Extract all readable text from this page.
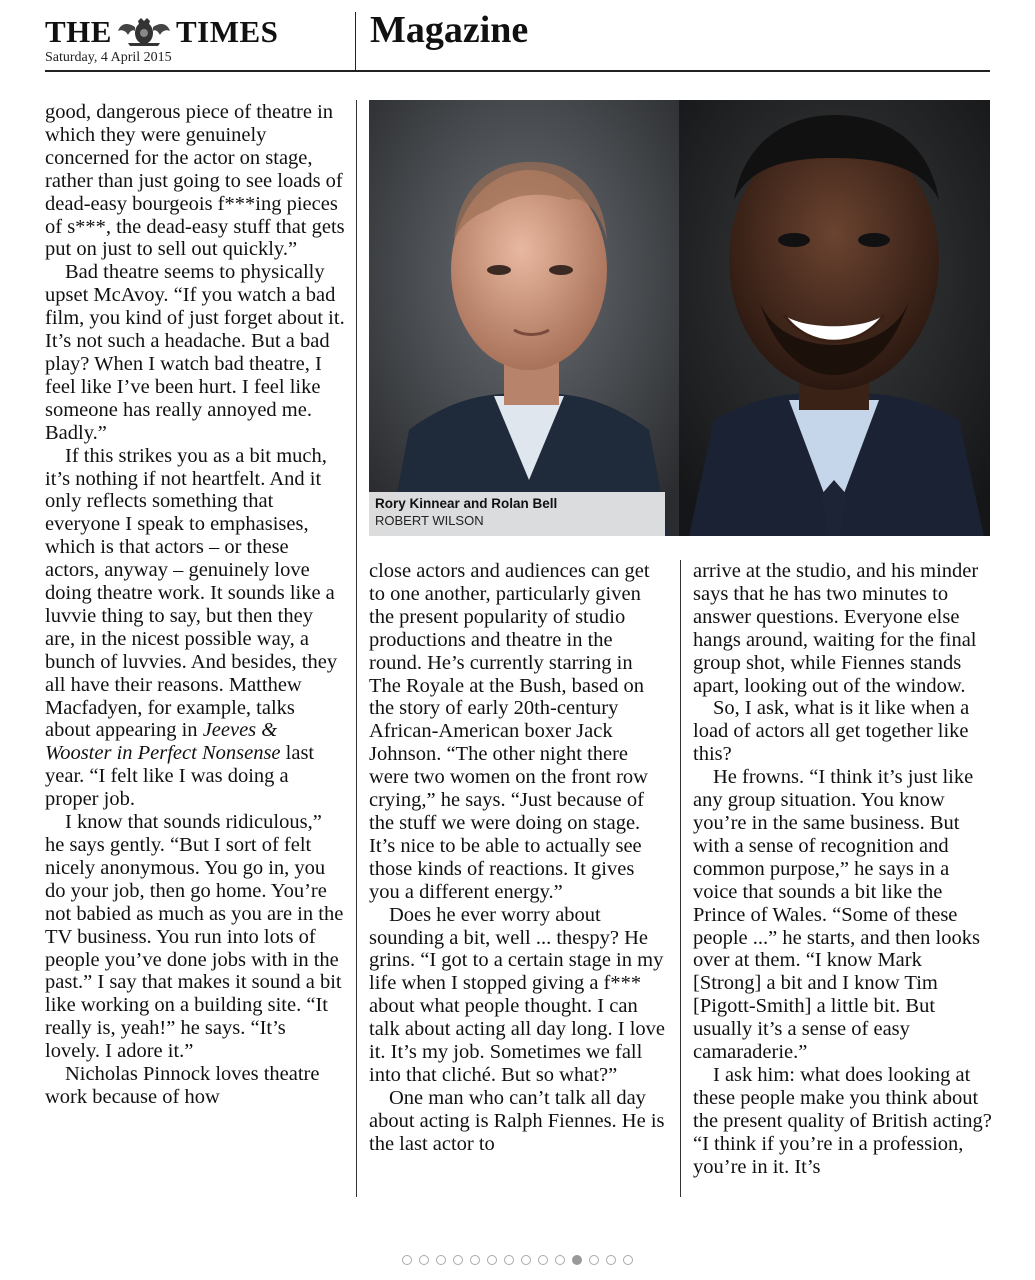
THE TIMES
Saturday, 4 April 2015
Magazine

good, dangerous piece of theatre in which they were genuinely concerned for the actor on stage, rather than just going to see loads of dead-easy bourgeois f***ing pieces of s***, the dead-easy stuff that gets put on just to sell out quickly.”

Bad theatre seems to physically upset McAvoy. “If you watch a bad film, you kind of just forget about it. It’s not such a headache. But a bad play? When I watch bad theatre, I feel like I’ve been hurt. I feel like someone has really annoyed me. Badly.”

If this strikes you as a bit much, it’s nothing if not heartfelt. And it only reflects something that everyone I speak to emphasises, which is that actors – or these actors, anyway – genuinely love doing theatre work. It sounds like a luvvie thing to say, but then they are, in the nicest possible way, a bunch of luvvies. And besides, they all have their reasons. Matthew Macfadyen, for example, talks about appearing in Jeeves & Wooster in Perfect Nonsense last year. “I felt like I was doing a proper job.

I know that sounds ridiculous,” he says gently. “But I sort of felt nicely anonymous. You go in, you do your job, then go home. You’re not babied as much as you are in the TV business. You run into lots of people you’ve done jobs with in the past.” I say that makes it sound a bit like working on a building site. “It really is, yeah!” he says. “It’s lovely. I adore it.”

Nicholas Pinnock loves theatre work because of how

Rory Kinnear and Rolan Bell
ROBERT WILSON

close actors and audiences can get to one another, particularly given the present popularity of studio productions and theatre in the round. He’s currently starring in The Royale at the Bush, based on the story of early 20th-century African-American boxer Jack Johnson. “The other night there were two women on the front row crying,” he says. “Just because of the stuff we were doing on stage. It’s nice to be able to actually see those kinds of reactions. It gives you a different energy.”

Does he ever worry about sounding a bit, well ... thespy? He grins. “I got to a certain stage in my life when I stopped giving a f*** about what people thought. I can talk about acting all day long. I love it. It’s my job. Sometimes we fall into that cliché. But so what?”

One man who can’t talk all day about acting is Ralph Fiennes. He is the last actor to

arrive at the studio, and his minder says that he has two minutes to answer questions. Everyone else hangs around, waiting for the final group shot, while Fiennes stands apart, looking out of the window.

So, I ask, what is it like when a load of actors all get together like this?

He frowns. “I think it’s just like any group situation. You know you’re in the same business. But with a sense of recognition and common purpose,” he says in a voice that sounds a bit like the Prince of Wales. “Some of these people ...” he starts, and then looks over at them. “I know Mark [Strong] a bit and I know Tim [Pigott-Smith] a little bit. But usually it’s a sense of easy camaraderie.”

I ask him: what does looking at these people make you think about the present quality of British acting? “I think if you’re in a profession, you’re in it. It’s
